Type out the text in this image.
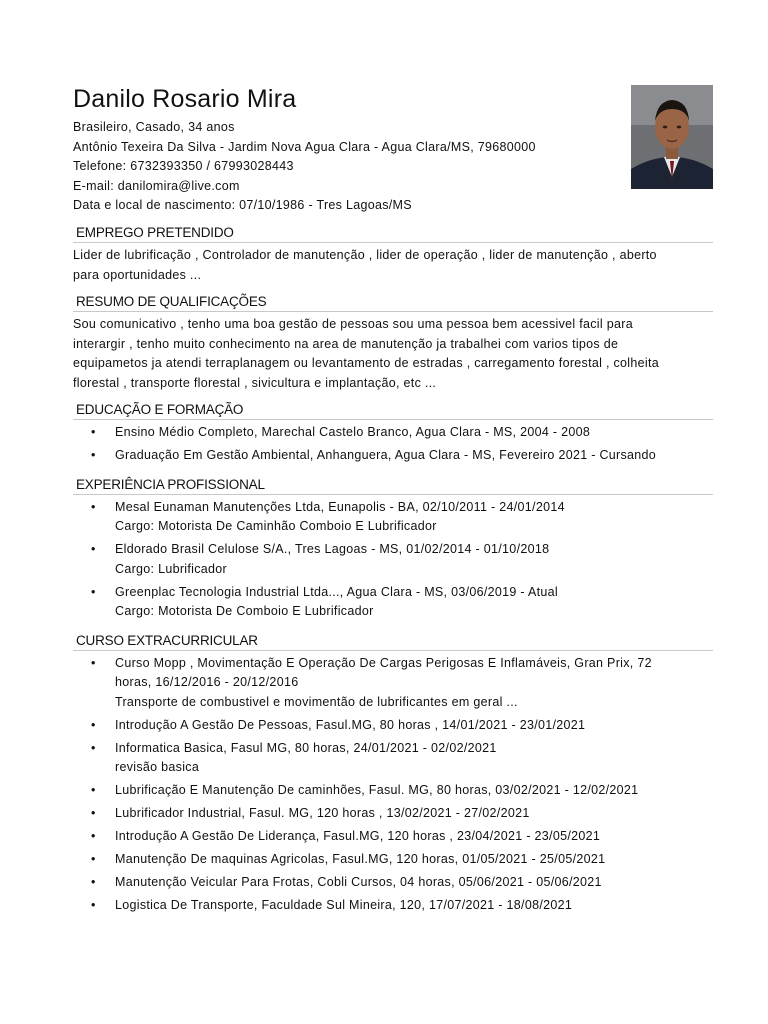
Danilo Rosario Mira
Brasileiro, Casado, 34 anos
Antônio Texeira Da Silva - Jardim Nova Agua Clara - Agua Clara/MS, 79680000
Telefone: 6732393350 / 67993028443
E-mail: danilomira@live.com
Data e local de nascimento: 07/10/1986 - Tres Lagoas/MS
EMPREGO PRETENDIDO
Lider de lubrificação , Controlador de manutenção , lider de operação , lider de manutenção , aberto
para oportunidades ...
RESUMO DE QUALIFICAÇÕES
Sou comunicativo , tenho uma boa gestão de pessoas sou uma pessoa bem acessivel facil para
interargir , tenho muito conhecimento na area de manutenção ja trabalhei com varios tipos de
equipametos ja atendi terraplanagem ou levantamento de estradas , carregamento forestal , colheita
florestal , transporte florestal , sivicultura e implantação, etc ...
EDUCAÇÃO E FORMAÇÃO
• Ensino Médio Completo, Marechal Castelo Branco, Agua Clara - MS, 2004 - 2008
• Graduação Em Gestão Ambiental, Anhanguera, Agua Clara - MS, Fevereiro 2021 - Cursando
EXPERIÊNCIA PROFISSIONAL
• Mesal Eunaman Manutenções Ltda, Eunapolis - BA, 02/10/2011 - 24/01/2014
Cargo: Motorista De Caminhão Comboio E Lubrificador
• Eldorado Brasil Celulose S/A., Tres Lagoas - MS, 01/02/2014 - 01/10/2018
Cargo: Lubrificador
• Greenplac Tecnologia Industrial Ltda..., Agua Clara - MS, 03/06/2019 - Atual
Cargo: Motorista De Comboio E Lubrificador
CURSO EXTRACURRICULAR
• Curso Mopp , Movimentação E Operação De Cargas Perigosas E Inflamáveis, Gran Prix, 72
horas, 16/12/2016 - 20/12/2016
Transporte de combustivel e movimentão de lubrificantes em geral ...
• Introdução A Gestão De Pessoas, Fasul.MG, 80 horas , 14/01/2021 - 23/01/2021
• Informatica Basica, Fasul MG, 80 horas, 24/01/2021 - 02/02/2021
revisão basica
• Lubrificação E Manutenção De caminhões, Fasul. MG, 80 horas, 03/02/2021 - 12/02/2021
• Lubrificador Industrial, Fasul. MG, 120 horas , 13/02/2021 - 27/02/2021
• Introdução A Gestão De Liderança, Fasul.MG, 120 horas , 23/04/2021 - 23/05/2021
• Manutenção De maquinas Agricolas, Fasul.MG, 120 horas, 01/05/2021 - 25/05/2021
• Manutenção Veicular Para Frotas, Cobli Cursos, 04 horas, 05/06/2021 - 05/06/2021
• Logistica De Transporte, Faculdade Sul Mineira, 120, 17/07/2021 - 18/08/2021
